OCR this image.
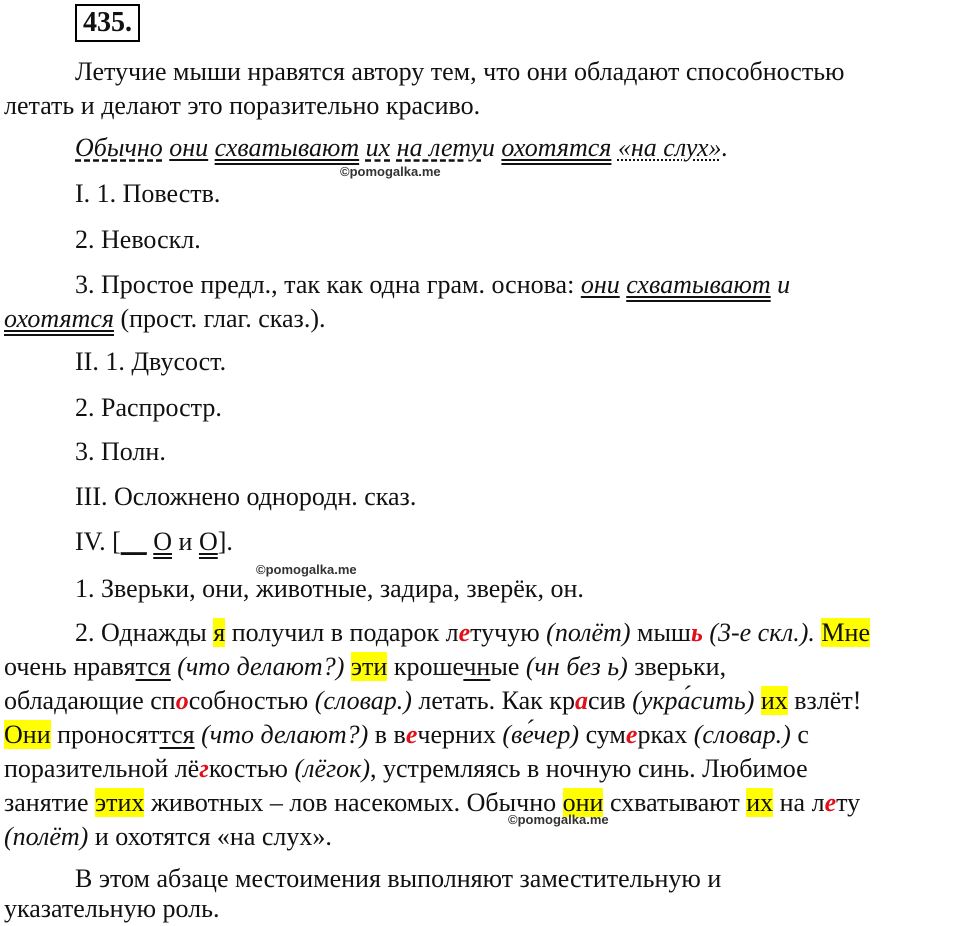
435.
Летучие мыши нравятся автору тем, что они обладают способностью
летать и делают это поразительно красиво.
Обычно они схватывают их на летуи охотятся «на слух».
©pomogalka.me
I. 1. Повеств.
2. Невоскл.
3. Простое предл., так как одна грам. основа: они схватывают и
охотятся (прост. глаг. сказ.).
II. 1. Двусост.
2. Распростр.
3. Полн.
III. Осложнено однородн. сказ.
IV. [__ О и О].
©pomogalka.me
1. Зверьки, они, животные, задира, зверёк, он.
2. Однажды я получил в подарок летучую (полёт) мышь (3-е скл.). Мне
очень нравятся (что делают?) эти крошечные (чн без ь) зверьки,
обладающие способностью (словар.) летать. Как красив (укра́сить) их взлёт!
Они проносяттся (что делают?) в вечерних (ве́чер) сумерках (словар.) с
поразительной лёгкостью (лёгок), устремляясь в ночную синь. Любимое
занятие этих животных – лов насекомых. Обычно они схватывают их на лету
©pomogalka.me
(полёт) и охотятся «на слух».
В этом абзаце местоимения выполняют заместительную и
указательную роль.
